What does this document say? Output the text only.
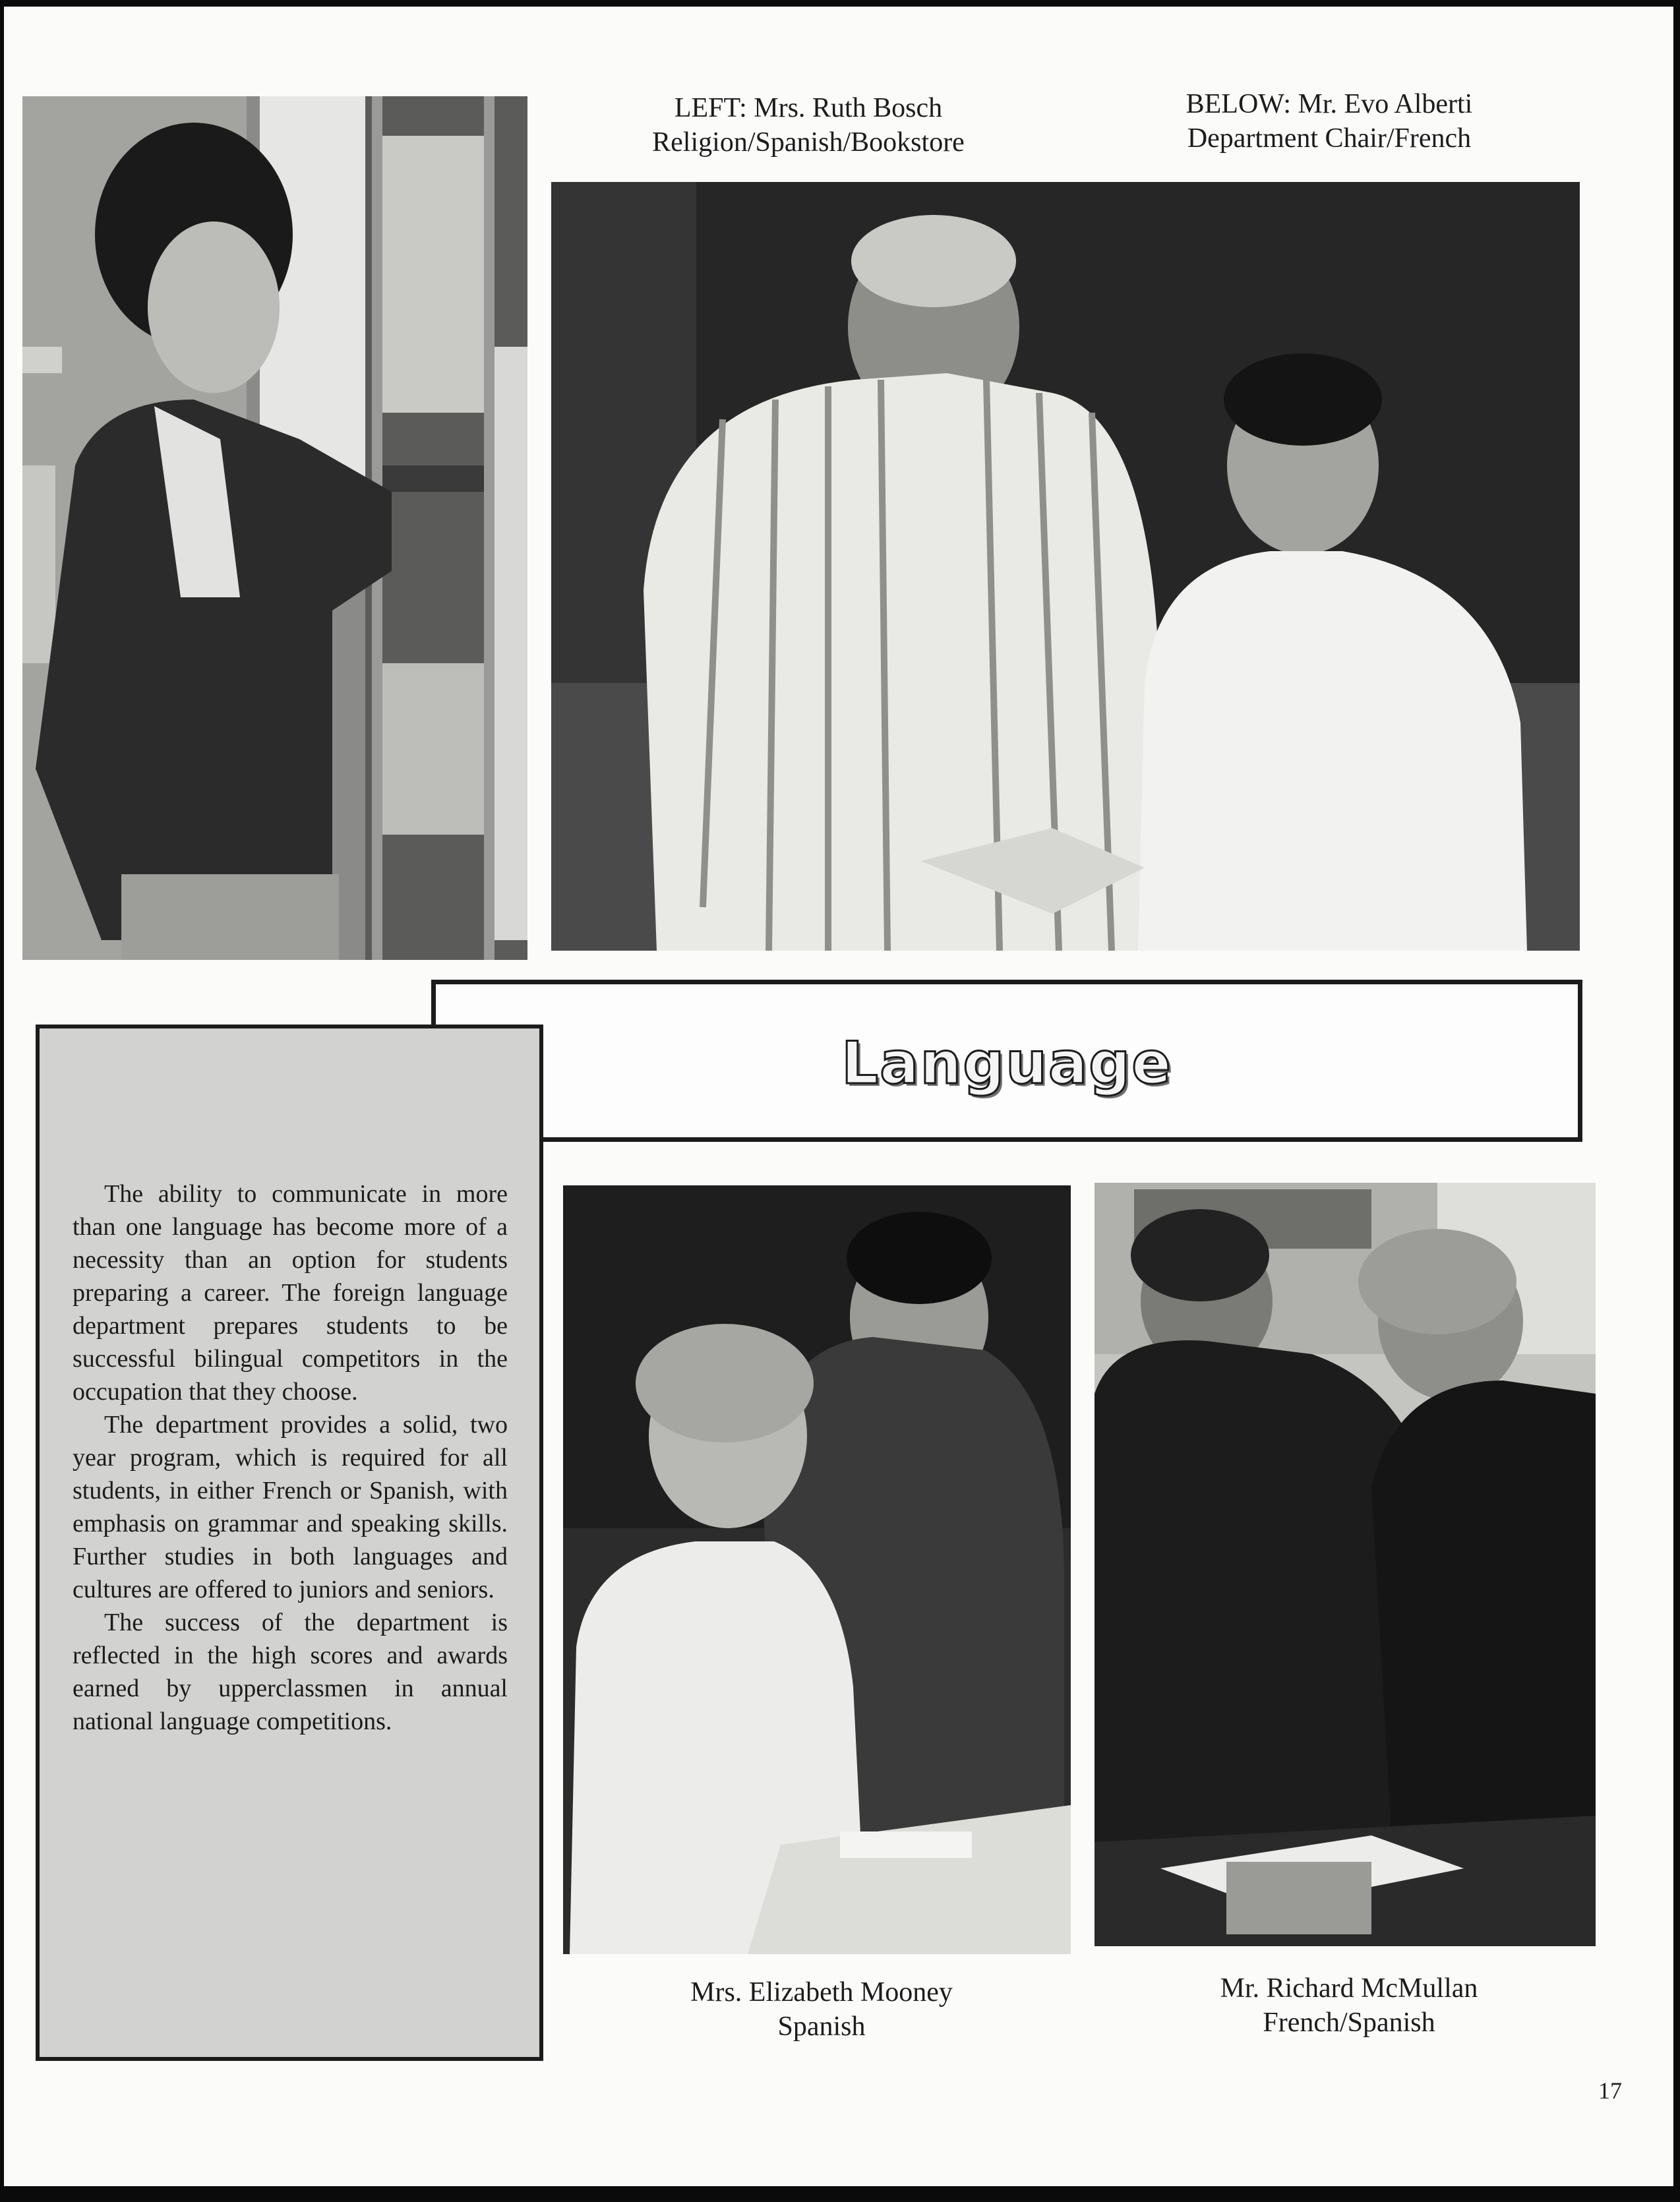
LEFT: Mrs. Ruth Bosch
Religion/Spanish/Bookstore
BELOW: Mr. Evo Alberti
Department Chair/French
Language

The ability to communicate in more than one language has become more of a necessity than an option for students preparing a career. The foreign language department prepares students to be successful bilingual competitors in the occupation that they choose.

The department provides a solid, two year program, which is required for all students, in either French or Spanish, with emphasis on grammar and speaking skills. Further studies in both languages and cultures are offered to juniors and seniors.

The success of the department is reflected in the high scores and awards earned by upperclassmen in annual national language competitions.

Mrs. Elizabeth Mooney
Spanish
Mr. Richard McMullan
French/Spanish
17
